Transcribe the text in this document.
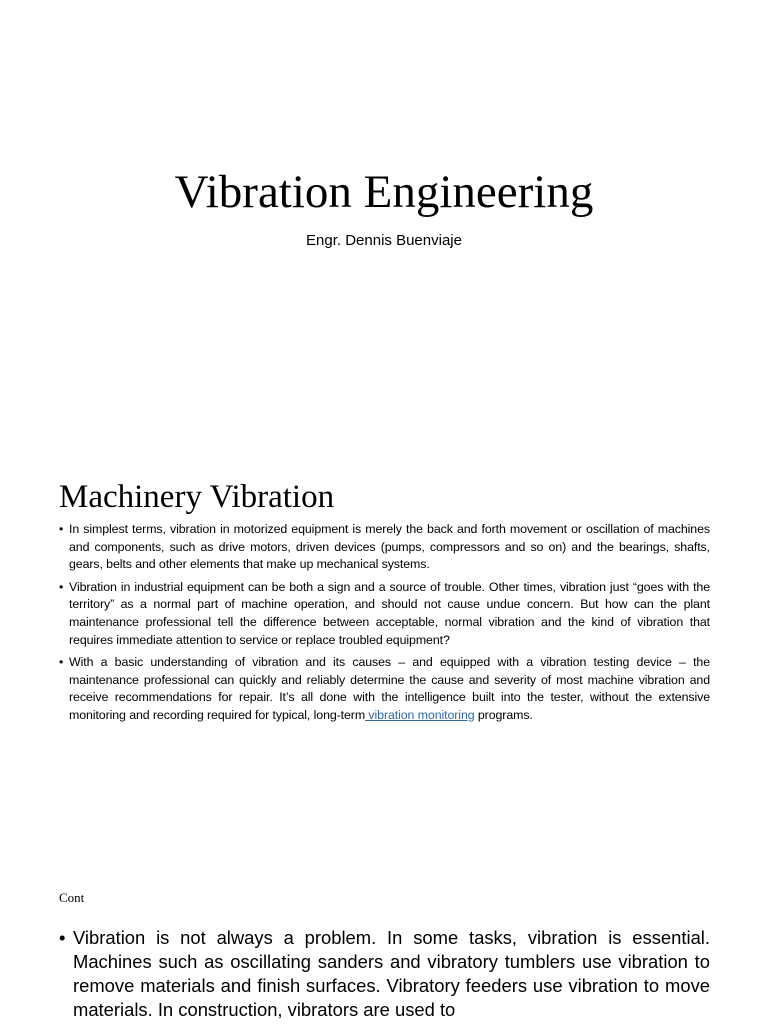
Vibration Engineering
Engr. Dennis Buenviaje
Machinery Vibration
• In simplest terms, vibration in motorized equipment is merely the back and forth movement or oscillation of machines and components, such as drive motors, driven devices (pumps, compressors and so on) and the bearings, shafts, gears, belts and other elements that make up mechanical systems.
• Vibration in industrial equipment can be both a sign and a source of trouble. Other times, vibration just “goes with the territory” as a normal part of machine operation, and should not cause undue concern. But how can the plant maintenance professional tell the difference between acceptable, normal vibration and the kind of vibration that requires immediate attention to service or replace troubled equipment?
• With a basic understanding of vibration and its causes – and equipped with a vibration testing device – the maintenance professional can quickly and reliably determine the cause and severity of most machine vibration and receive recommendations for repair. It’s all done with the intelligence built into the tester, without the extensive monitoring and recording required for typical, long-term vibration monitoring programs.
Cont
• Vibration is not always a problem. In some tasks, vibration is essential. Machines such as oscillating sanders and vibratory tumblers use vibration to remove materials and finish surfaces. Vibratory feeders use vibration to move materials. In construction, vibrators are used to
